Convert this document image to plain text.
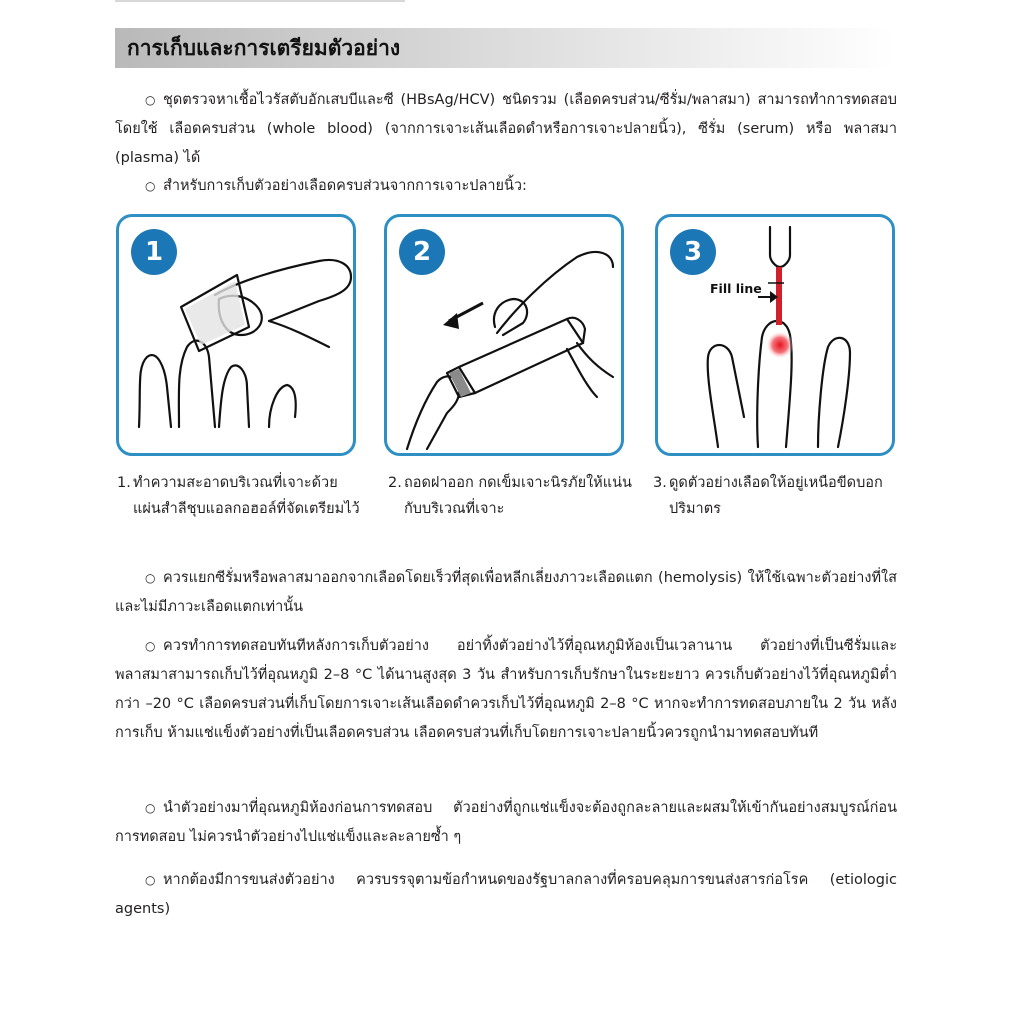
การเก็บและการเตรียมตัวอย่าง

○ ชุดตรวจหาเชื้อไวรัสตับอักเสบบีและซี (HBsAg/HCV) ชนิดรวม (เลือดครบส่วน/ซีรั่ม/พลาสมา) สามารถทำการทดสอบโดยใช้ เลือดครบส่วน (whole blood) (จากการเจาะเส้นเลือดดำหรือการเจาะปลายนิ้ว), ซีรั่ม (serum) หรือ พลาสมา (plasma) ได้

○ สำหรับการเก็บตัวอย่างเลือดครบส่วนจากการเจาะปลายนิ้ว:

1	2	3
Fill line
1. ทำความสะอาดบริเวณที่เจาะด้วยแผ่นสำลีชุบแอลกอฮอล์ที่จัดเตรียมไว้
2. ถอดฝาออก กดเข็มเจาะนิรภัยให้แน่นกับบริเวณที่เจาะ
3. ดูดตัวอย่างเลือดให้อยู่เหนือขีดบอกปริมาตร

○ ควรแยกซีรั่มหรือพลาสมาออกจากเลือดโดยเร็วที่สุดเพื่อหลีกเลี่ยงภาวะเลือดแตก (hemolysis) ให้ใช้เฉพาะตัวอย่างที่ใสและไม่มีภาวะเลือดแตกเท่านั้น

○ ควรทำการทดสอบทันทีหลังการเก็บตัวอย่าง อย่าทิ้งตัวอย่างไว้ที่อุณหภูมิห้องเป็นเวลานาน ตัวอย่างที่เป็นซีรั่มและพลาสมาสามารถเก็บไว้ที่อุณหภูมิ 2–8 °C ได้นานสูงสุด 3 วัน สำหรับการเก็บรักษาในระยะยาว ควรเก็บตัวอย่างไว้ที่อุณหภูมิต่ำกว่า –20 °C เลือดครบส่วนที่เก็บโดยการเจาะเส้นเลือดดำควรเก็บไว้ที่อุณหภูมิ 2–8 °C หากจะทำการทดสอบภายใน 2 วัน หลังการเก็บ ห้ามแช่แข็งตัวอย่างที่เป็นเลือดครบส่วน เลือดครบส่วนที่เก็บโดยการเจาะปลายนิ้วควรถูกนำมาทดสอบทันที

○ นำตัวอย่างมาที่อุณหภูมิห้องก่อนการทดสอบ ตัวอย่างที่ถูกแช่แข็งจะต้องถูกละลายและผสมให้เข้ากันอย่างสมบูรณ์ก่อนการทดสอบ ไม่ควรนำตัวอย่างไปแช่แข็งและละลายซ้ำ ๆ

○ หากต้องมีการขนส่งตัวอย่าง ควรบรรจุตามข้อกำหนดของรัฐบาลกลางที่ครอบคลุมการขนส่งสารก่อโรค (etiologic agents)
